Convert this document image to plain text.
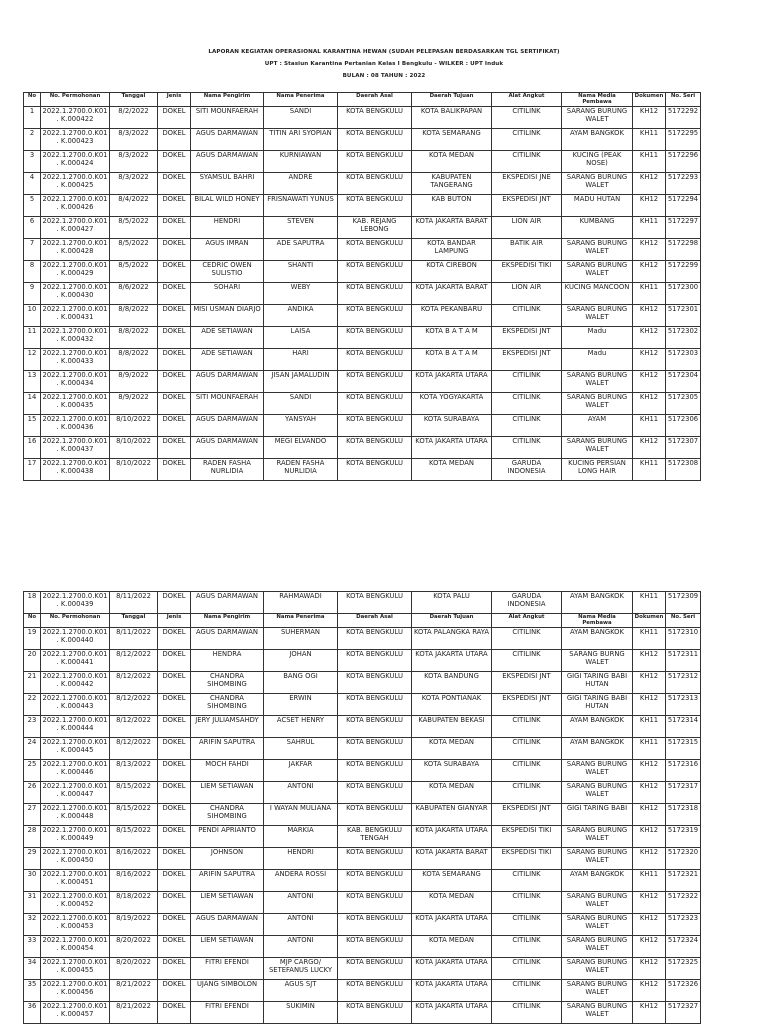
LAPORAN KEGIATAN OPERASIONAL KARANTINA HEWAN (SUDAH PELEPASAN BERDASARKAN TGL SERTIFIKAT)
UPT : Stasiun Karantina Pertanian Kelas I Bengkulu - WILKER : UPT Induk
BULAN : 08 TAHUN : 2022
No	No. Permohonan	Tanggal	Jenis	Nama Pengirim	Nama Penerima	Daerah Asal	Daerah Tujuan	Alat Angkut	Nama Media Pembawa	Dokumen	No. Seri
1	2022.1.2700.0.K01. K.000422	8/2/2022	DOKEL	SITI MOUNFAERAH	SANDI	KOTA BENGKULU	KOTA BALIKPAPAN	CITILINK	SARANG BURUNG WALET	KH12	5172292
2	2022.1.2700.0.K01. K.000423	8/3/2022	DOKEL	AGUS DARMAWAN	TITIN ARI SYOPIAN	KOTA BENGKULU	KOTA SEMARANG	CITILINK	AYAM BANGKOK	KH11	5172295
3	2022.1.2700.0.K01. K.000424	8/3/2022	DOKEL	AGUS DARMAWAN	KURNIAWAN	KOTA BENGKULU	KOTA MEDAN	CITILINK	KUCING (PEAK NOSE)	KH11	5172296
4	2022.1.2700.0.K01. K.000425	8/3/2022	DOKEL	SYAMSUL BAHRI	ANDRE	KOTA BENGKULU	KABUPATEN TANGERANG	EKSPEDISI JNE	SARANG BURUNG WALET	KH12	5172293
5	2022.1.2700.0.K01. K.000426	8/4/2022	DOKEL	BILAL WILD HONEY	FRISNAWATI YUNUS	KOTA BENGKULU	KAB BUTON	EKSPEDISI JNT	MADU HUTAN	KH12	5172294
6	2022.1.2700.0.K01. K.000427	8/5/2022	DOKEL	HENDRI	STEVEN	KAB. REJANG LEBONG	KOTA JAKARTA BARAT	LION AIR	KUMBANG	KH11	5172297
7	2022.1.2700.0.K01. K.000428	8/5/2022	DOKEL	AGUS IMRAN	ADE SAPUTRA	KOTA BENGKULU	KOTA BANDAR LAMPUNG	BATIK AIR	SARANG BURUNG WALET	KH12	5172298
8	2022.1.2700.0.K01. K.000429	8/5/2022	DOKEL	CEDRIC OWEN SULISTIO	SHANTI	KOTA BENGKULU	KOTA CIREBON	EKSPEDISI TIKI	SARANG BURUNG WALET	KH12	5172299
9	2022.1.2700.0.K01. K.000430	8/6/2022	DOKEL	SOHARI	WEBY	KOTA BENGKULU	KOTA JAKARTA BARAT	LION AIR	KUCING MANCOON	KH11	5172300
10	2022.1.2700.0.K01. K.000431	8/8/2022	DOKEL	MISI USMAN DIARJO	ANDIKA	KOTA BENGKULU	KOTA PEKANBARU	CITILINK	SARANG BURUNG WALET	KH12	5172301
11	2022.1.2700.0.K01. K.000432	8/8/2022	DOKEL	ADE SETIAWAN	LAISA	KOTA BENGKULU	KOTA B A T A M	EKSPEDISI JNT	Madu	KH12	5172302
12	2022.1.2700.0.K01. K.000433	8/8/2022	DOKEL	ADE SETIAWAN	HARI	KOTA BENGKULU	KOTA B A T A M	EKSPEDISI JNT	Madu	KH12	5172303
13	2022.1.2700.0.K01. K.000434	8/9/2022	DOKEL	AGUS DARMAWAN	JISAN JAMALUDIN	KOTA BENGKULU	KOTA JAKARTA UTARA	CITILINK	SARANG BURUNG WALET	KH12	5172304
14	2022.1.2700.0.K01. K.000435	8/9/2022	DOKEL	SITI MOUNFAERAH	SANDI	KOTA BENGKULU	KOTA YOGYAKARTA	CITILINK	SARANG BURUNG WALET	KH12	5172305
15	2022.1.2700.0.K01. K.000436	8/10/2022	DOKEL	AGUS DARMAWAN	YANSYAH	KOTA BENGKULU	KOTA SURABAYA	CITILINK	AYAM	KH11	5172306
16	2022.1.2700.0.K01. K.000437	8/10/2022	DOKEL	AGUS DARMAWAN	MEGI ELVANDO	KOTA BENGKULU	KOTA JAKARTA UTARA	CITILINK	SARANG BURUNG WALET	KH12	5172307
17	2022.1.2700.0.K01. K.000438	8/10/2022	DOKEL	RADEN FASHA NURLIDIA	RADEN FASHA NURLIDIA	KOTA BENGKULU	KOTA MEDAN	GARUDA INDONESIA	KUCING PERSIAN LONG HAIR	KH11	5172308
18	2022.1.2700.0.K01. K.000439	8/11/2022	DOKEL	AGUS DARMAWAN	RAHMAWADI	KOTA BENGKULU	KOTA PALU	GARUDA INDONESIA	AYAM BANGKOK	KH11	5172309
No	No. Permohonan	Tanggal	Jenis	Nama Pengirim	Nama Penerima	Daerah Asal	Daerah Tujuan	Alat Angkut	Nama Media Pembawa	Dokumen	No. Seri
19	2022.1.2700.0.K01. K.000440	8/11/2022	DOKEL	AGUS DARMAWAN	SUHERMAN	KOTA BENGKULU	KOTA PALANGKA RAYA	CITILINK	AYAM BANGKOK	KH11	5172310
20	2022.1.2700.0.K01. K.000441	8/12/2022	DOKEL	HENDRA	JOHAN	KOTA BENGKULU	KOTA JAKARTA UTARA	CITILINK	SARANG BURNG WALET	KH12	5172311
21	2022.1.2700.0.K01. K.000442	8/12/2022	DOKEL	CHANDRA SIHOMBING	BANG OGI	KOTA BENGKULU	KOTA BANDUNG	EKSPEDISI JNT	GIGI TARING BABI HUTAN	KH12	5172312
22	2022.1.2700.0.K01. K.000443	8/12/2022	DOKEL	CHANDRA SIHOMBING	ERWIN	KOTA BENGKULU	KOTA PONTIANAK	EKSPEDISI JNT	GIGI TARING BABI HUTAN	KH12	5172313
23	2022.1.2700.0.K01. K.000444	8/12/2022	DOKEL	JERY JULIAMSAHDY	ACSET HENRY	KOTA BENGKULU	KABUPATEN BEKASI	CITILINK	AYAM BANGKOK	KH11	5172314
24	2022.1.2700.0.K01. K.000445	8/12/2022	DOKEL	ARIFIN SAPUTRA	SAHRUL	KOTA BENGKULU	KOTA MEDAN	CITILINK	AYAM BANGKOK	KH11	5172315
25	2022.1.2700.0.K01. K.000446	8/13/2022	DOKEL	MOCH FAHDI	JAKFAR	KOTA BENGKULU	KOTA SURABAYA	CITILINK	SARANG BURUNG WALET	KH12	5172316
26	2022.1.2700.0.K01. K.000447	8/15/2022	DOKEL	LIEM SETIAWAN	ANTONI	KOTA BENGKULU	KOTA MEDAN	CITILINK	SARANG BURUNG WALET	KH12	5172317
27	2022.1.2700.0.K01. K.000448	8/15/2022	DOKEL	CHANDRA SIHOMBING	I WAYAN MULIANA	KOTA BENGKULU	KABUPATEN GIANYAR	EKSPEDISI JNT	GIGI TARING BABI	KH12	5172318
28	2022.1.2700.0.K01. K.000449	8/15/2022	DOKEL	PENDI APRIANTO	MARKIA	KAB. BENGKULU TENGAH	KOTA JAKARTA UTARA	EKSPEDISI TIKI	SARANG BURUNG WALET	KH12	5172319
29	2022.1.2700.0.K01. K.000450	8/16/2022	DOKEL	JOHNSON	HENDRI	KOTA BENGKULU	KOTA JAKARTA BARAT	EKSPEDISI TIKI	SARANG BURUNG WALET	KH12	5172320
30	2022.1.2700.0.K01. K.000451	8/16/2022	DOKEL	ARIFIN SAPUTRA	ANDERA ROSSI	KOTA BENGKULU	KOTA SEMARANG	CITILINK	AYAM BANGKOK	KH11	5172321
31	2022.1.2700.0.K01. K.000452	8/18/2022	DOKEL	LIEM SETIAWAN	ANTONI	KOTA BENGKULU	KOTA MEDAN	CITILINK	SARANG BURUNG WALET	KH12	5172322
32	2022.1.2700.0.K01. K.000453	8/19/2022	DOKEL	AGUS DARMAWAN	ANTONI	KOTA BENGKULU	KOTA JAKARTA UTARA	CITILINK	SARANG BURUNG WALET	KH12	5172323
33	2022.1.2700.0.K01. K.000454	8/20/2022	DOKEL	LIEM SETIAWAN	ANTONI	KOTA BENGKULU	KOTA MEDAN	CITILINK	SARANG BURUNG WALET	KH12	5172324
34	2022.1.2700.0.K01. K.000455	8/20/2022	DOKEL	FITRI EFENDI	MJP CARGO/ SETEFANUS LUCKY	KOTA BENGKULU	KOTA JAKARTA UTARA	CITILINK	SARANG BURUNG WALET	KH12	5172325
35	2022.1.2700.0.K01. K.000456	8/21/2022	DOKEL	UJANG SIMBOLON	AGUS SJT	KOTA BENGKULU	KOTA JAKARTA UTARA	CITILINK	SARANG BURUNG WALET	KH12	5172326
36	2022.1.2700.0.K01. K.000457	8/21/2022	DOKEL	FITRI EFENDI	SUKIMIN	KOTA BENGKULU	KOTA JAKARTA UTARA	CITILINK	SARANG BURUNG WALET	KH12	5172327
